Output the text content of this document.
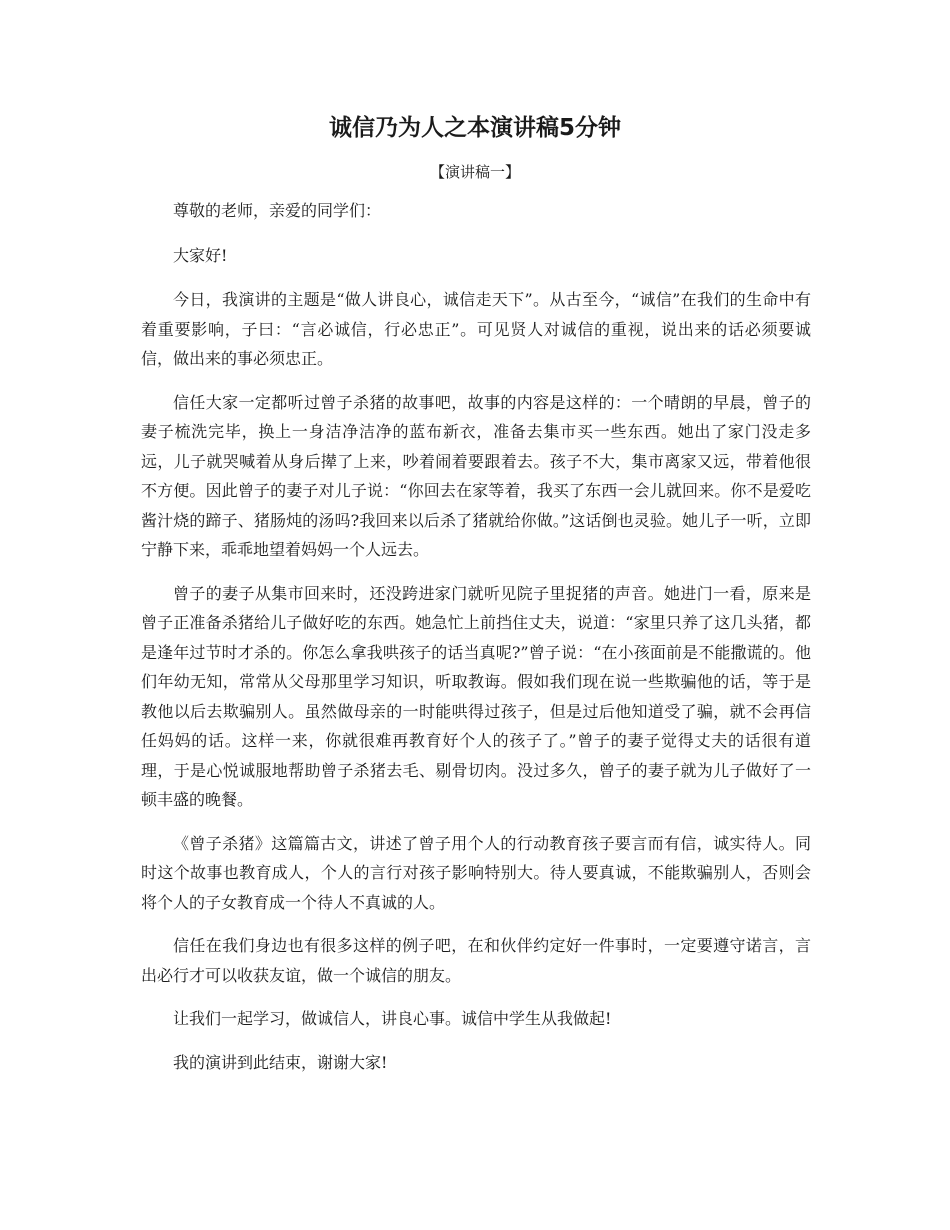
诚信乃为人之本演讲稿5分钟

【演讲稿一】

尊敬的老师，亲爱的同学们：

大家好!

今日，我演讲的主题是“做人讲良心，诚信走天下”。从古至今，“诚信”在我们的生命中有着重要影响，子曰：“言必诚信，行必忠正”。可见贤人对诚信的重视，说出来的话必须要诚信，做出来的事必须忠正。

信任大家一定都听过曾子杀猪的故事吧，故事的内容是这样的：一个晴朗的早晨，曾子的妻子梳洗完毕，换上一身洁净洁净的蓝布新衣，准备去集市买一些东西。她出了家门没走多远，儿子就哭喊着从身后撵了上来，吵着闹着要跟着去。孩子不大，集市离家又远，带着他很不方便。因此曾子的妻子对儿子说：“你回去在家等着，我买了东西一会儿就回来。你不是爱吃酱汁烧的蹄子、猪肠炖的汤吗?我回来以后杀了猪就给你做。”这话倒也灵验。她儿子一听，立即宁静下来，乖乖地望着妈妈一个人远去。

曾子的妻子从集市回来时，还没跨进家门就听见院子里捉猪的声音。她进门一看，原来是曾子正准备杀猪给儿子做好吃的东西。她急忙上前挡住丈夫，说道：“家里只养了这几头猪，都是逢年过节时才杀的。你怎么拿我哄孩子的话当真呢?”曾子说：“在小孩面前是不能撒谎的。他们年幼无知，常常从父母那里学习知识，听取教诲。假如我们现在说一些欺骗他的话，等于是教他以后去欺骗别人。虽然做母亲的一时能哄得过孩子，但是过后他知道受了骗，就不会再信任妈妈的话。这样一来，你就很难再教育好个人的孩子了。”曾子的妻子觉得丈夫的话很有道理，于是心悦诚服地帮助曾子杀猪去毛、剔骨切肉。没过多久，曾子的妻子就为儿子做好了一顿丰盛的晚餐。

《曾子杀猪》这篇篇古文，讲述了曾子用个人的行动教育孩子要言而有信，诚实待人。同时这个故事也教育成人，个人的言行对孩子影响特别大。待人要真诚，不能欺骗别人，否则会将个人的子女教育成一个待人不真诚的人。

信任在我们身边也有很多这样的例子吧，在和伙伴约定好一件事时，一定要遵守诺言，言出必行才可以收获友谊，做一个诚信的朋友。

让我们一起学习，做诚信人，讲良心事。诚信中学生从我做起!

我的演讲到此结束，谢谢大家!
